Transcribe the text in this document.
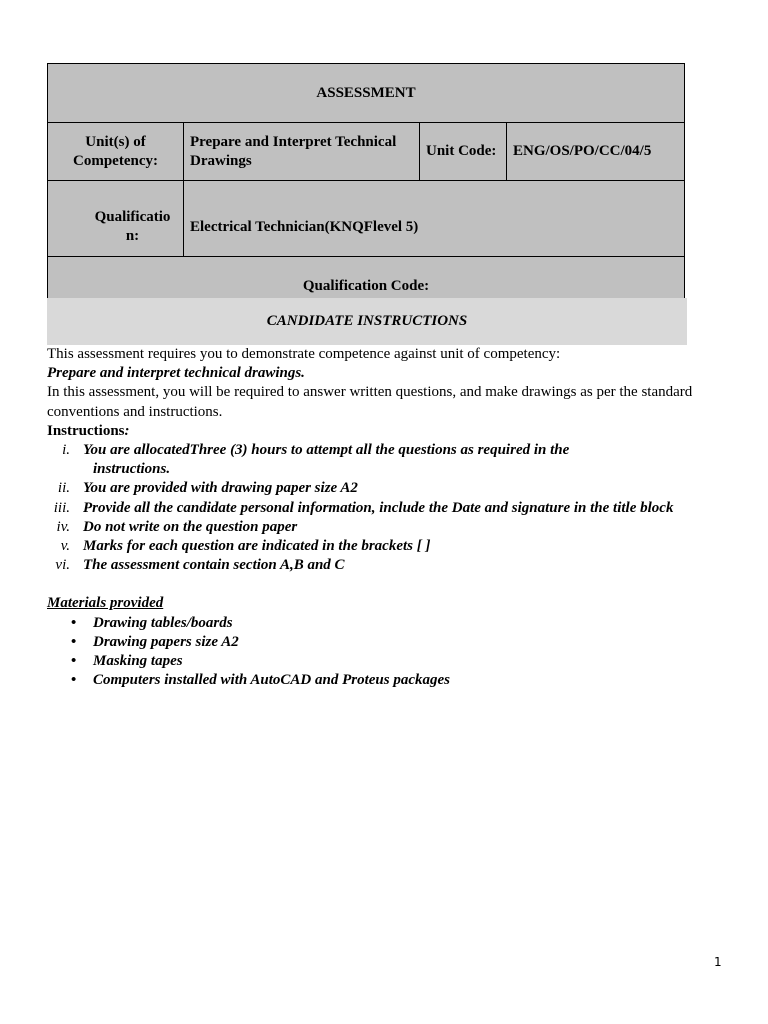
ASSESSMENT			
Unit(s) of Competency:	Prepare and Interpret Technical Drawings	Unit Code:	ENG/OS/PO/CC/04/5
Qualificatio n:	Electrical Technician(KNQFlevel 5)		
Qualification Code:			
CANDIDATE INSTRUCTIONS

This assessment requires you to demonstrate competence against unit of competency:

Prepare and interpret technical drawings.

In this assessment, you will be required to answer written questions, and make drawings as per the standard conventions and instructions.

Instructions:

i. You are allocatedThree (3) hours to attempt all the questions as required in the
instructions.
ii. You are provided with drawing paper size A2
iii. Provide all the candidate personal information, include the Date and signature in the title block
iv. Do not write on the question paper
v. Marks for each question are indicated in the brackets [ ]
vi. The assessment contain section A,B and C

Materials provided

• Drawing tables/boards
• Drawing papers size A2
• Masking tapes
• Computers installed with AutoCAD and Proteus packages
1
